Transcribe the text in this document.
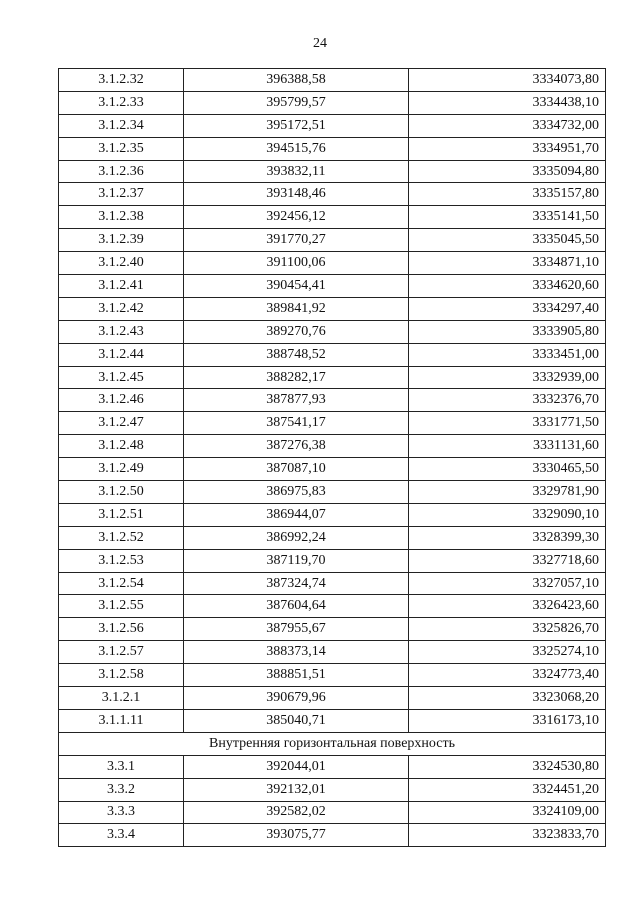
24
3.1.2.32	396388,58	3334073,80
3.1.2.33	395799,57	3334438,10
3.1.2.34	395172,51	3334732,00
3.1.2.35	394515,76	3334951,70
3.1.2.36	393832,11	3335094,80
3.1.2.37	393148,46	3335157,80
3.1.2.38	392456,12	3335141,50
3.1.2.39	391770,27	3335045,50
3.1.2.40	391100,06	3334871,10
3.1.2.41	390454,41	3334620,60
3.1.2.42	389841,92	3334297,40
3.1.2.43	389270,76	3333905,80
3.1.2.44	388748,52	3333451,00
3.1.2.45	388282,17	3332939,00
3.1.2.46	387877,93	3332376,70
3.1.2.47	387541,17	3331771,50
3.1.2.48	387276,38	3331131,60
3.1.2.49	387087,10	3330465,50
3.1.2.50	386975,83	3329781,90
3.1.2.51	386944,07	3329090,10
3.1.2.52	386992,24	3328399,30
3.1.2.53	387119,70	3327718,60
3.1.2.54	387324,74	3327057,10
3.1.2.55	387604,64	3326423,60
3.1.2.56	387955,67	3325826,70
3.1.2.57	388373,14	3325274,10
3.1.2.58	388851,51	3324773,40
3.1.2.1	390679,96	3323068,20
3.1.1.11	385040,71	3316173,10
Внутренняя горизонтальная поверхность		
3.3.1	392044,01	3324530,80
3.3.2	392132,01	3324451,20
3.3.3	392582,02	3324109,00
3.3.4	393075,77	3323833,70
